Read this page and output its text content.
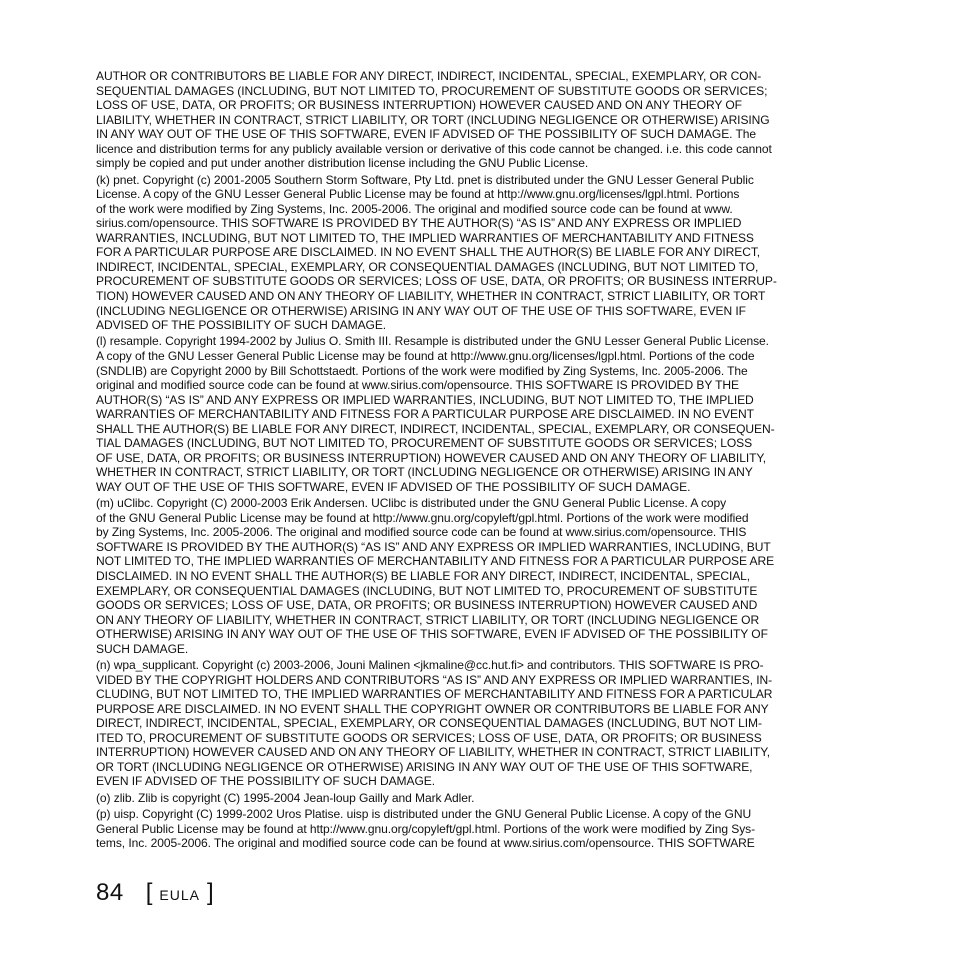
AUTHOR OR CONTRIBUTORS BE LIABLE FOR ANY DIRECT, INDIRECT, INCIDENTAL, SPECIAL, EXEMPLARY, OR CON-
SEQUENTIAL DAMAGES (INCLUDING, BUT NOT LIMITED TO, PROCUREMENT OF SUBSTITUTE GOODS OR SERVICES;
LOSS OF USE, DATA, OR PROFITS; OR BUSINESS INTERRUPTION) HOWEVER CAUSED AND ON ANY THEORY OF
LIABILITY, WHETHER IN CONTRACT, STRICT LIABILITY, OR TORT (INCLUDING NEGLIGENCE OR OTHERWISE) ARISING
IN ANY WAY OUT OF THE USE OF THIS SOFTWARE, EVEN IF ADVISED OF THE POSSIBILITY OF SUCH DAMAGE. The
licence and distribution terms for any publicly available version or derivative of this code cannot be changed. i.e. this code cannot
simply be copied and put under another distribution license including the GNU Public License.
(k) pnet. Copyright (c) 2001-2005 Southern Storm Software, Pty Ltd. pnet is distributed under the GNU Lesser General Public
License. A copy of the GNU Lesser General Public License may be found at http://www.gnu.org/licenses/lgpl.html. Portions
of the work were modified by Zing Systems, Inc. 2005-2006. The original and modified source code can be found at www.
sirius.com/opensource. THIS SOFTWARE IS PROVIDED BY THE AUTHOR(S) “AS IS” AND ANY EXPRESS OR IMPLIED
WARRANTIES, INCLUDING, BUT NOT LIMITED TO, THE IMPLIED WARRANTIES OF MERCHANTABILITY AND FITNESS
FOR A PARTICULAR PURPOSE ARE DISCLAIMED. IN NO EVENT SHALL THE AUTHOR(S) BE LIABLE FOR ANY DIRECT,
INDIRECT, INCIDENTAL, SPECIAL, EXEMPLARY, OR CONSEQUENTIAL DAMAGES (INCLUDING, BUT NOT LIMITED TO,
PROCUREMENT OF SUBSTITUTE GOODS OR SERVICES; LOSS OF USE, DATA, OR PROFITS; OR BUSINESS INTERRUP-
TION) HOWEVER CAUSED AND ON ANY THEORY OF LIABILITY, WHETHER IN CONTRACT, STRICT LIABILITY, OR TORT
(INCLUDING NEGLIGENCE OR OTHERWISE) ARISING IN ANY WAY OUT OF THE USE OF THIS SOFTWARE, EVEN IF
ADVISED OF THE POSSIBILITY OF SUCH DAMAGE.
(l) resample. Copyright 1994-2002 by Julius O. Smith III. Resample is distributed under the GNU Lesser General Public License.
A copy of the GNU Lesser General Public License may be found at http://www.gnu.org/licenses/lgpl.html. Portions of the code
(SNDLIB) are Copyright 2000 by Bill Schottstaedt. Portions of the work were modified by Zing Systems, Inc. 2005-2006. The
original and modified source code can be found at www.sirius.com/opensource. THIS SOFTWARE IS PROVIDED BY THE
AUTHOR(S) “AS IS” AND ANY EXPRESS OR IMPLIED WARRANTIES, INCLUDING, BUT NOT LIMITED TO, THE IMPLIED
WARRANTIES OF MERCHANTABILITY AND FITNESS FOR A PARTICULAR PURPOSE ARE DISCLAIMED. IN NO EVENT
SHALL THE AUTHOR(S) BE LIABLE FOR ANY DIRECT, INDIRECT, INCIDENTAL, SPECIAL, EXEMPLARY, OR CONSEQUEN-
TIAL DAMAGES (INCLUDING, BUT NOT LIMITED TO, PROCUREMENT OF SUBSTITUTE GOODS OR SERVICES; LOSS
OF USE, DATA, OR PROFITS; OR BUSINESS INTERRUPTION) HOWEVER CAUSED AND ON ANY THEORY OF LIABILITY,
WHETHER IN CONTRACT, STRICT LIABILITY, OR TORT (INCLUDING NEGLIGENCE OR OTHERWISE) ARISING IN ANY
WAY OUT OF THE USE OF THIS SOFTWARE, EVEN IF ADVISED OF THE POSSIBILITY OF SUCH DAMAGE.
(m) uClibc. Copyright (C) 2000-2003 Erik Andersen. UClibc is distributed under the GNU General Public License. A copy
of the GNU General Public License may be found at http://www.gnu.org/copyleft/gpl.html. Portions of the work were modified
by Zing Systems, Inc. 2005-2006. The original and modified source code can be found at www.sirius.com/opensource. THIS
SOFTWARE IS PROVIDED BY THE AUTHOR(S) “AS IS” AND ANY EXPRESS OR IMPLIED WARRANTIES, INCLUDING, BUT
NOT LIMITED TO, THE IMPLIED WARRANTIES OF MERCHANTABILITY AND FITNESS FOR A PARTICULAR PURPOSE ARE
DISCLAIMED. IN NO EVENT SHALL THE AUTHOR(S) BE LIABLE FOR ANY DIRECT, INDIRECT, INCIDENTAL, SPECIAL,
EXEMPLARY, OR CONSEQUENTIAL DAMAGES (INCLUDING, BUT NOT LIMITED TO, PROCUREMENT OF SUBSTITUTE
GOODS OR SERVICES; LOSS OF USE, DATA, OR PROFITS; OR BUSINESS INTERRUPTION) HOWEVER CAUSED AND
ON ANY THEORY OF LIABILITY, WHETHER IN CONTRACT, STRICT LIABILITY, OR TORT (INCLUDING NEGLIGENCE OR
OTHERWISE) ARISING IN ANY WAY OUT OF THE USE OF THIS SOFTWARE, EVEN IF ADVISED OF THE POSSIBILITY OF
SUCH DAMAGE.
(n) wpa_supplicant. Copyright (c) 2003-2006, Jouni Malinen <jkmaline@cc.hut.fi> and contributors. THIS SOFTWARE IS PRO-
VIDED BY THE COPYRIGHT HOLDERS AND CONTRIBUTORS “AS IS” AND ANY EXPRESS OR IMPLIED WARRANTIES, IN-
CLUDING, BUT NOT LIMITED TO, THE IMPLIED WARRANTIES OF MERCHANTABILITY AND FITNESS FOR A PARTICULAR
PURPOSE ARE DISCLAIMED. IN NO EVENT SHALL THE COPYRIGHT OWNER OR CONTRIBUTORS BE LIABLE FOR ANY
DIRECT, INDIRECT, INCIDENTAL, SPECIAL, EXEMPLARY, OR CONSEQUENTIAL DAMAGES (INCLUDING, BUT NOT LIM-
ITED TO, PROCUREMENT OF SUBSTITUTE GOODS OR SERVICES; LOSS OF USE, DATA, OR PROFITS; OR BUSINESS
INTERRUPTION) HOWEVER CAUSED AND ON ANY THEORY OF LIABILITY, WHETHER IN CONTRACT, STRICT LIABILITY,
OR TORT (INCLUDING NEGLIGENCE OR OTHERWISE) ARISING IN ANY WAY OUT OF THE USE OF THIS SOFTWARE,
EVEN IF ADVISED OF THE POSSIBILITY OF SUCH DAMAGE.
(o) zlib. Zlib is copyright (C) 1995-2004 Jean-loup Gailly and Mark Adler.
(p) uisp. Copyright (C) 1999-2002 Uros Platise. uisp is distributed under the GNU General Public License. A copy of the GNU
General Public License may be found at http://www.gnu.org/copyleft/gpl.html. Portions of the work were modified by Zing Sys-
tems, Inc. 2005-2006. The original and modified source code can be found at www.sirius.com/opensource. THIS SOFTWARE
84 [ EULA ]
